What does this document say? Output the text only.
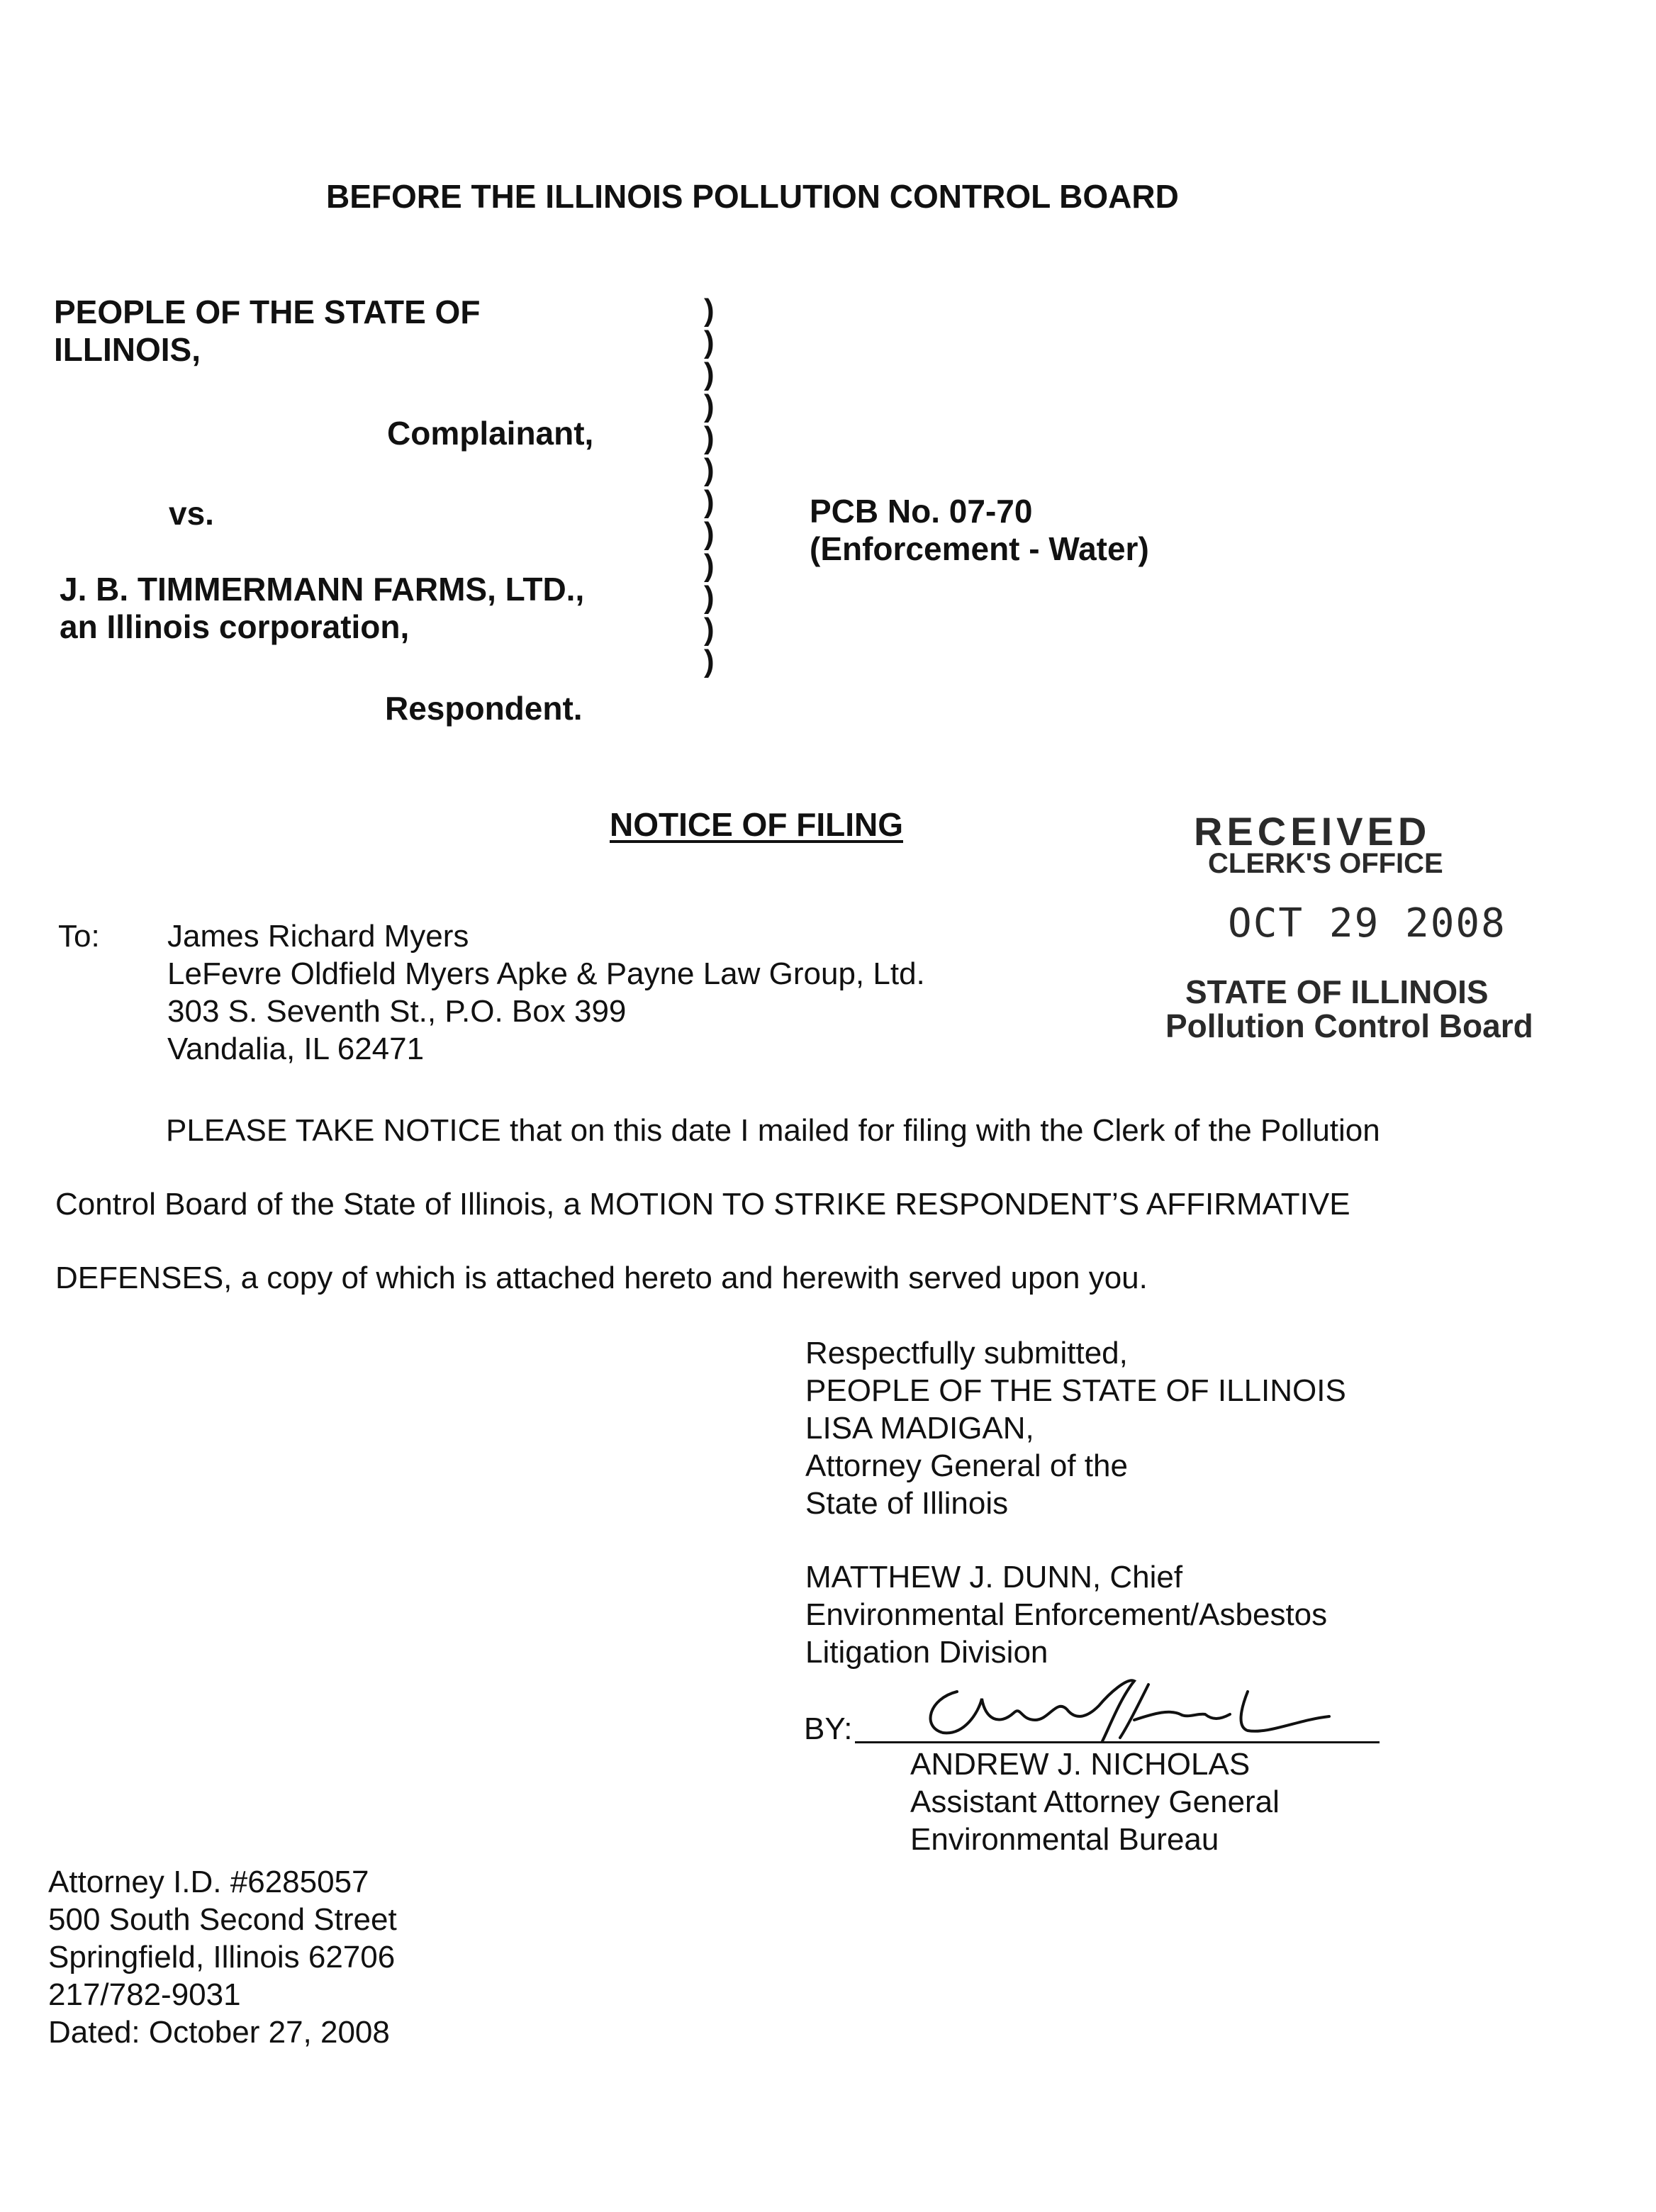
BEFORE THE ILLINOIS POLLUTION CONTROL BOARD
PEOPLE OF THE STATE OF
ILLINOIS,
Complainant,
vs.
J. B. TIMMERMANN FARMS, LTD.,
an Illinois corporation,
Respondent.
)
)
)
)
)
)
)
)
)
)
)
)
PCB No. 07-70
(Enforcement - Water)
NOTICE OF FILING	RECEIVED
CLERK'S OFFICE
OCT 29 2008
STATE OF ILLINOIS
Pollution Control Board
To: James Richard Myers
LeFevre Oldfield Myers Apke & Payne Law Group, Ltd.
303 S. Seventh St., P.O. Box 399
Vandalia, IL 62471
PLEASE TAKE NOTICE that on this date I mailed for filing with the Clerk of the Pollution
Control Board of the State of Illinois, a MOTION TO STRIKE RESPONDENT’S AFFIRMATIVE
DEFENSES, a copy of which is attached hereto and herewith served upon you.
Respectfully submitted,
PEOPLE OF THE STATE OF ILLINOIS
LISA MADIGAN,
Attorney General of the
State of Illinois
MATTHEW J. DUNN, Chief
Environmental Enforcement/Asbestos
Litigation Division
BY:
ANDREW J. NICHOLAS
Assistant Attorney General
Environmental Bureau
Attorney I.D. #6285057
500 South Second Street
Springfield, Illinois 62706
217/782-9031
Dated: October 27, 2008
